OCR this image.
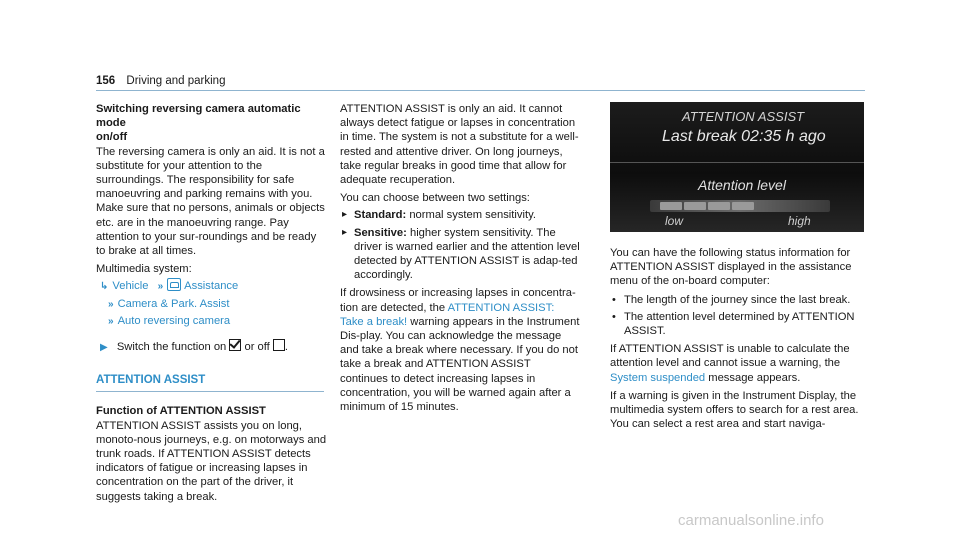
156 Driving and parking

Switching reversing camera automatic mode
on/off

The reversing camera is only an aid. It is not a substitute for your attention to the surroundings. The responsibility for safe manoeuvring and parking remains with you. Make sure that no persons, animals or objects etc. are in the manoeuvring range. Pay attention to your sur-roundings and be ready to brake at all times.

Multimedia system:

↳ Vehicle » Assistance
» Camera & Park. Assist
» Auto reversing camera
▶ Switch the function on or off .
ATTENTION ASSIST

Function of ATTENTION ASSIST

ATTENTION ASSIST assists you on long, monoto-nous journeys, e.g. on motorways and trunk roads. If ATTENTION ASSIST detects indicators of fatigue or increasing lapses in concentration on the part of the driver, it suggests taking a break.

ATTENTION ASSIST is only an aid. It cannot always detect fatigue or lapses in concentration in time. The system is not a substitute for a well-rested and attentive driver. On long journeys, take regular breaks in good time that allow for adequate recuperation.

You can choose between two settings:

▸ Standard: normal system sensitivity.
▸ Sensitive: higher system sensitivity. The driver is warned earlier and the attention level detected by ATTENTION ASSIST is adap-ted accordingly.

If drowsiness or increasing lapses in concentra-tion are detected, the ATTENTION ASSIST: Take a break! warning appears in the Instrument Dis-play. You can acknowledge the message and take a break where necessary. If you do not take a break and ATTENTION ASSIST continues to detect increasing lapses in concentration, you will be warned again after a minimum of 15 minutes.

ATTENTION ASSIST
Last break 02:35 h ago
Attention level
low	high

You can have the following status information for ATTENTION ASSIST displayed in the assistance menu of the on-board computer:

• The length of the journey since the last break.
• The attention level determined by ATTENTION ASSIST.

If ATTENTION ASSIST is unable to calculate the attention level and cannot issue a warning, the System suspended message appears.

If a warning is given in the Instrument Display, the multimedia system offers to search for a rest area. You can select a rest area and start naviga-

carmanualsonline.info
